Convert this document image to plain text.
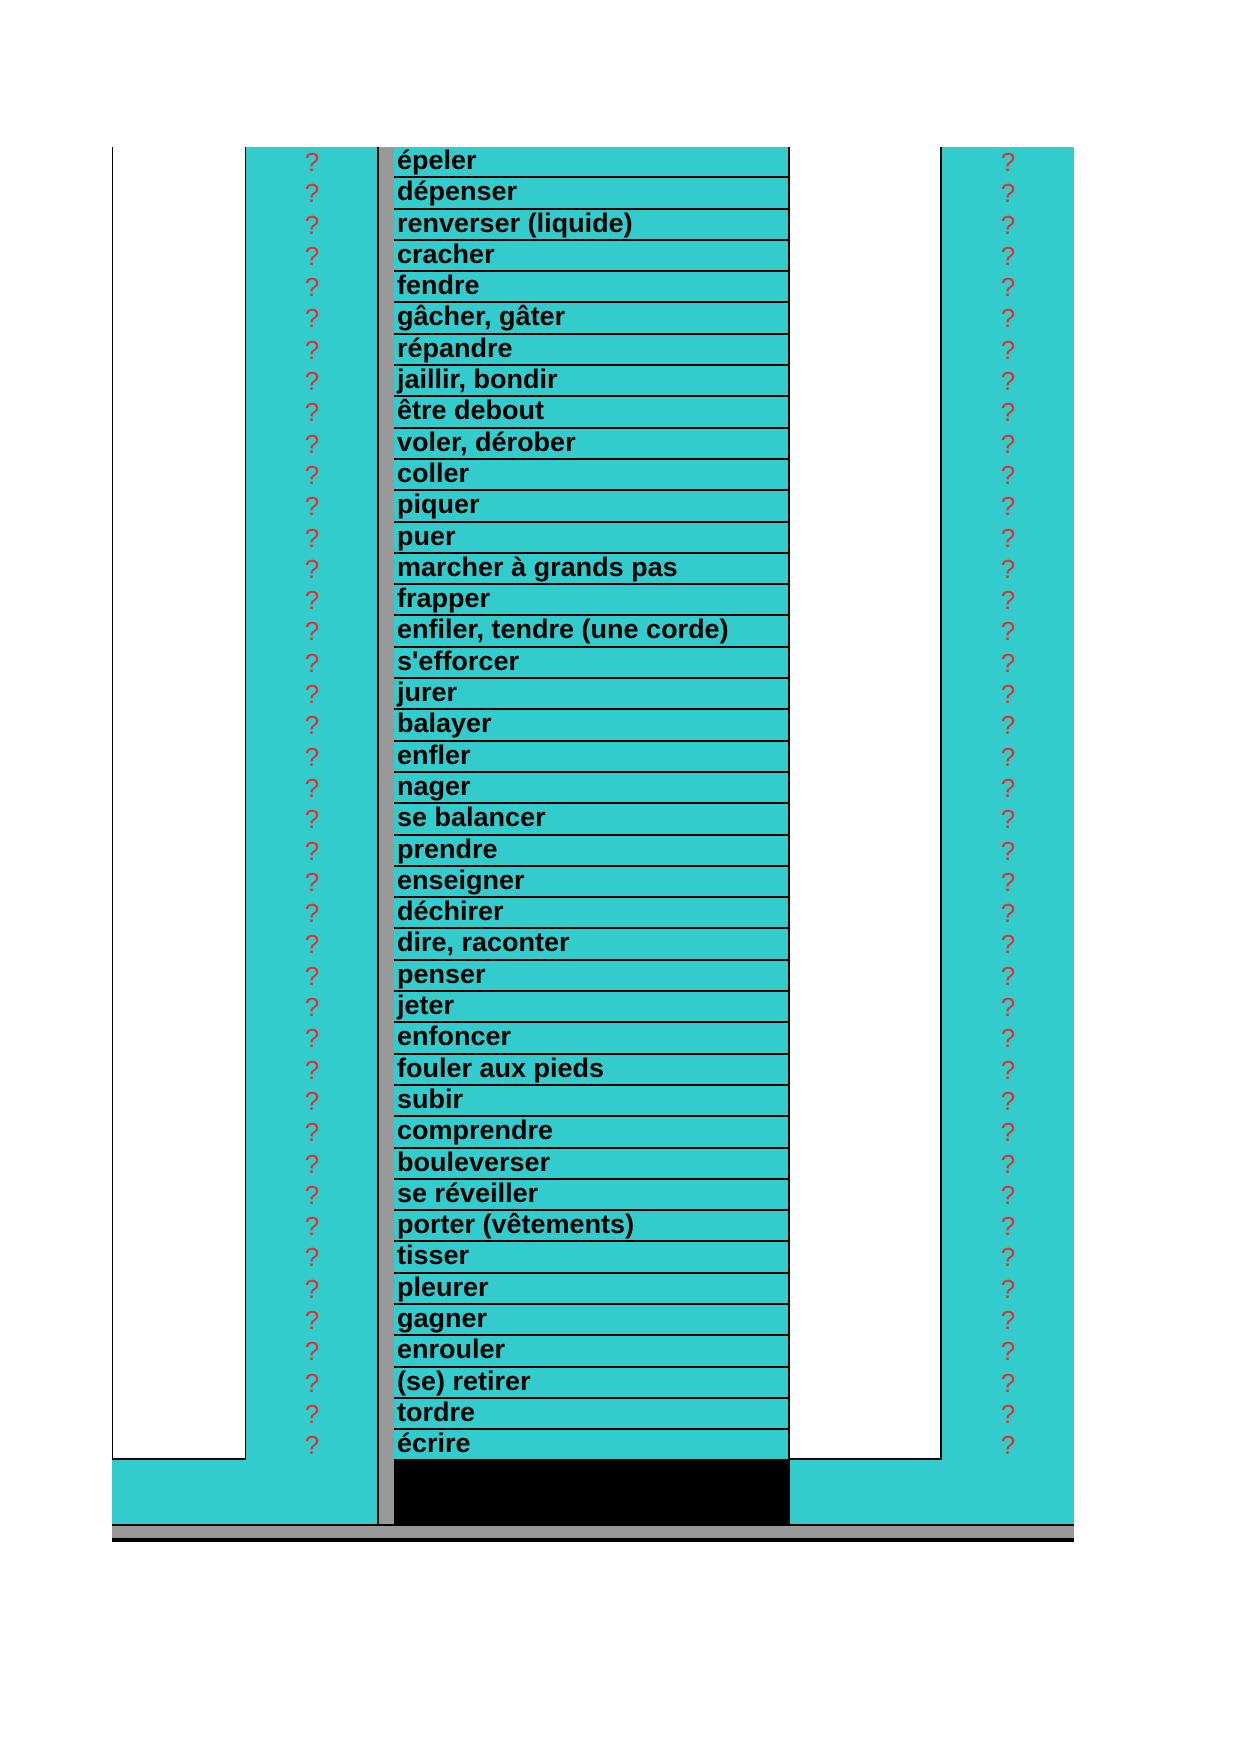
?
?
?
?
?
?
?
?
?
?
?
?
?
?
?
?
?
?
?
?
?
?
?
?
?
?
?
?
?
?
?
?
?
?
?
?
?
?
?
?
?
?
épeler
dépenser
renverser (liquide)
cracher
fendre
gâcher, gâter
répandre
jaillir, bondir
être debout
voler, dérober
coller
piquer
puer
marcher à grands pas
frapper
enfiler, tendre (une corde)
s'efforcer
jurer
balayer
enfler
nager
se balancer
prendre
enseigner
déchirer
dire, raconter
penser
jeter
enfoncer
fouler aux pieds
subir
comprendre
bouleverser
se réveiller
porter (vêtements)
tisser
pleurer
gagner
enrouler
(se) retirer
tordre
écrire
?
?
?
?
?
?
?
?
?
?
?
?
?
?
?
?
?
?
?
?
?
?
?
?
?
?
?
?
?
?
?
?
?
?
?
?
?
?
?
?
?
?
